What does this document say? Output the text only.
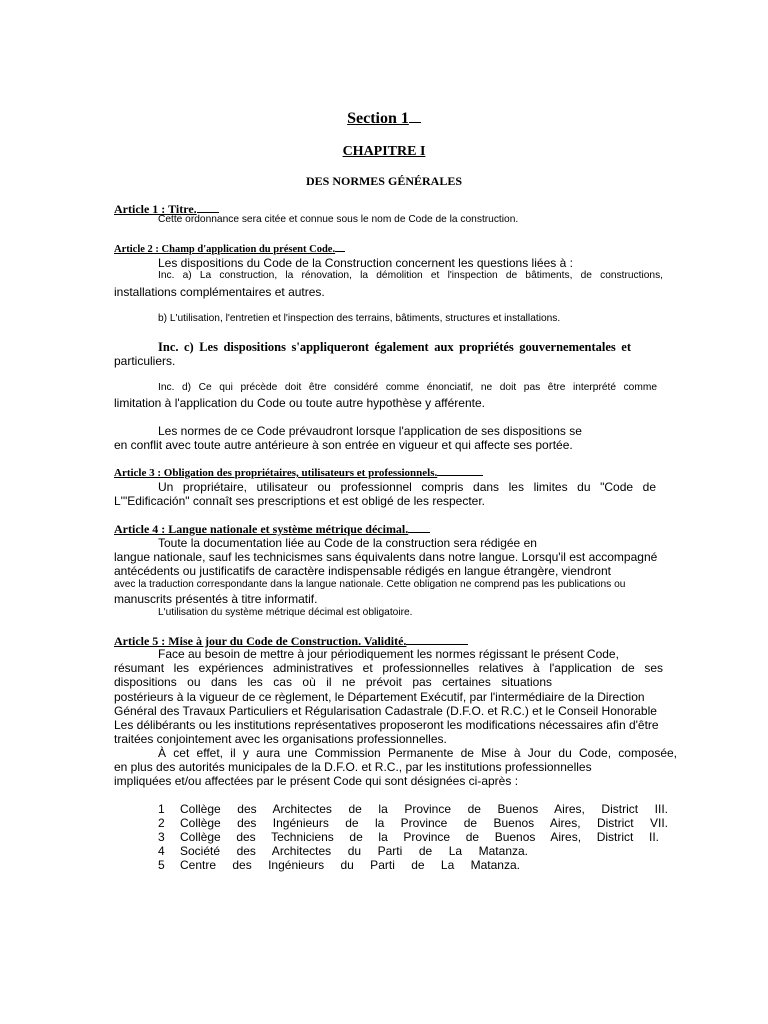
Section 1
CHAPITRE I
DES NORMES GÉNÉRALES
Article 1 : Titre.
Cette ordonnance sera citée et connue sous le nom de Code de la construction.
Article 2 : Champ d'application du présent Code.
Les dispositions du Code de la Construction concernent les questions liées à :
Inc. a) La construction, la rénovation, la démolition et l'inspection de bâtiments, de constructions,
installations complémentaires et autres.
b) L'utilisation, l'entretien et l'inspection des terrains, bâtiments, structures et installations.
Inc. c) Les dispositions s'appliqueront également aux propriétés gouvernementales et
particuliers.
Inc. d) Ce qui précède doit être considéré comme énonciatif, ne doit pas être interprété comme
limitation à l'application du Code ou toute autre hypothèse y afférente.
Les normes de ce Code prévaudront lorsque l'application de ses dispositions se
en conflit avec toute autre antérieure à son entrée en vigueur et qui affecte ses portée.
Article 3 : Obligation des propriétaires, utilisateurs et professionnels.
Un propriétaire, utilisateur ou professionnel compris dans les limites du "Code de
L'"Edificación" connaît ses prescriptions et est obligé de les respecter.
Article 4 : Langue nationale et système métrique décimal.
Toute la documentation liée au Code de la construction sera rédigée en
langue nationale, sauf les technicismes sans équivalents dans notre langue. Lorsqu'il est accompagné
antécédents ou justificatifs de caractère indispensable rédigés en langue étrangère, viendront
avec la traduction correspondante dans la langue nationale. Cette obligation ne comprend pas les publications ou
manuscrits présentés à titre informatif.
L'utilisation du système métrique décimal est obligatoire.
Article 5 : Mise à jour du Code de Construction. Validité.
Face au besoin de mettre à jour périodiquement les normes régissant le présent Code,
résumant les expériences administratives et professionnelles relatives à l'application de ses
dispositions ou dans les cas où il ne prévoit pas certaines situations
postérieurs à la vigueur de ce règlement, le Département Exécutif, par l'intermédiaire de la Direction
Général des Travaux Particuliers et Régularisation Cadastrale (D.F.O. et R.C.) et le Conseil Honorable
Les délibérants ou les institutions représentatives proposeront les modifications nécessaires afin d'être
traitées conjointement avec les organisations professionnelles.
À cet effet, il y aura une Commission Permanente de Mise à Jour du Code, composée,
en plus des autorités municipales de la D.F.O. et R.C., par les institutions professionnelles
impliquées et/ou affectées par le présent Code qui sont désignées ci-après :
1 Collège des Architectes de la Province de Buenos Aires, District III.
2 Collège des Ingénieurs de la Province de Buenos Aires, District VII.
3 Collège des Techniciens de la Province de Buenos Aires, District II.
4 Société des Architectes du Parti de La Matanza.
5 Centre des Ingénieurs du Parti de La Matanza.
